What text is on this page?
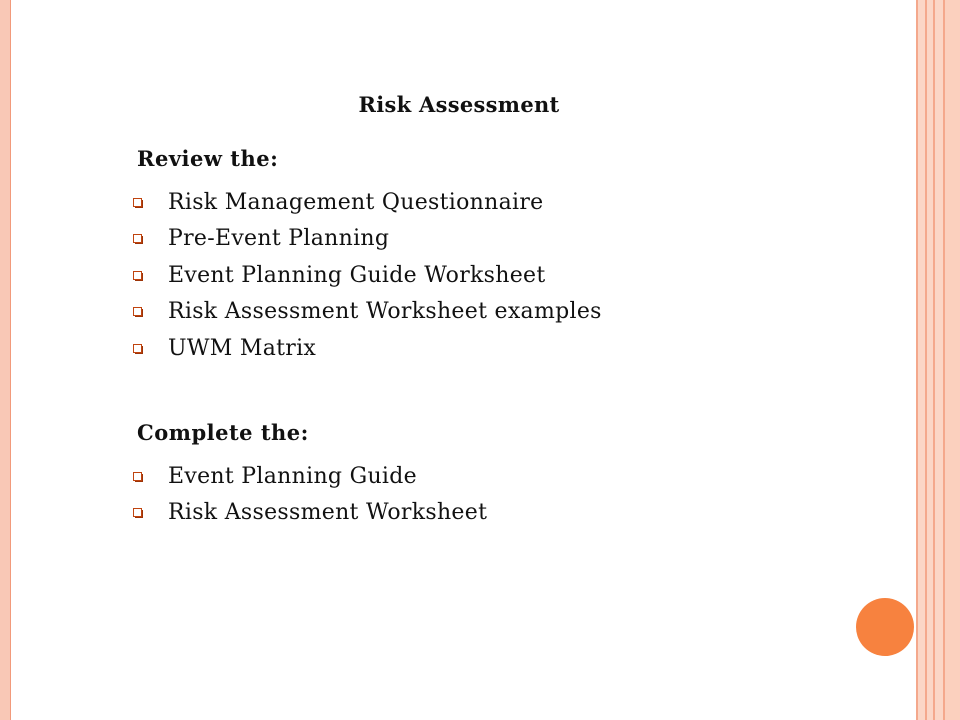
Risk Assessment
Review the:
Risk Management Questionnaire
Pre-Event Planning
Event Planning Guide Worksheet
Risk Assessment Worksheet examples
UWM Matrix
Complete the:
Event Planning Guide
Risk Assessment Worksheet
